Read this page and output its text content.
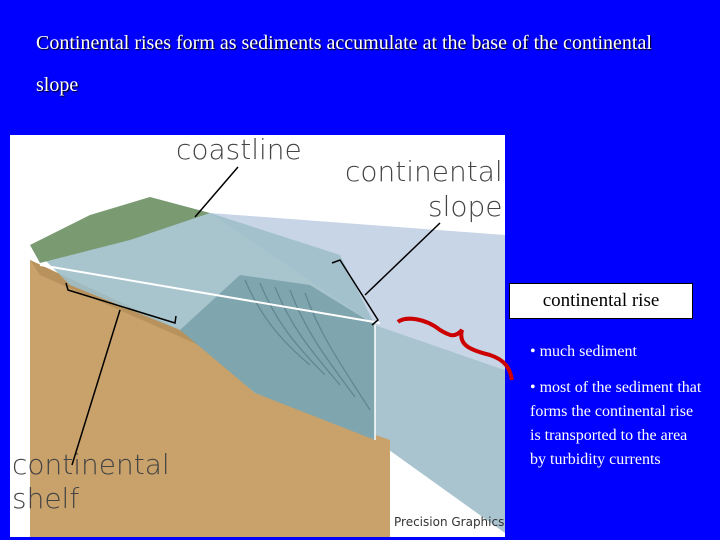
Continental rises form as sediments accumulate at the base of the continental slope
coastline
continental
slope
continental
shelf
Precision Graphics
continental rise
• much sediment
• most of the sediment that forms the continental rise is transported to the area by turbidity currents
